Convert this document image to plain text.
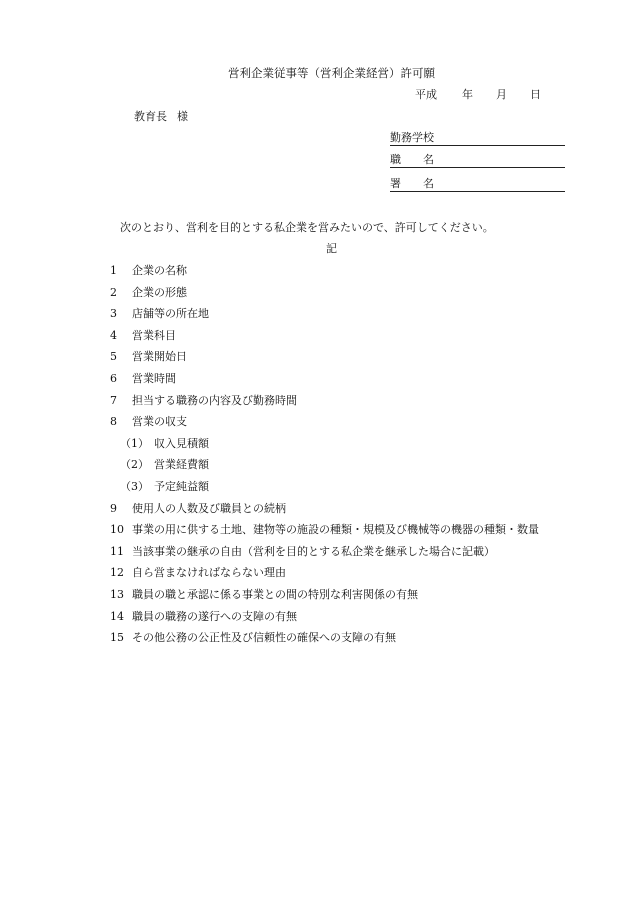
営利企業従事等（営利企業経営）許可願
平成 年 月 日
教育長 様
勤務学校
職名
署名
次のとおり、営利を目的とする私企業を営みたいので、許可してください。
記
1 企業の名称
2 企業の形態
3 店舗等の所在地
4 営業科目
5 営業開始日
6 営業時間
7 担当する職務の内容及び勤務時間
8 営業の収支
（1） 収入見積額
（2） 営業経費額
（3） 予定純益額
9 使用人の人数及び職員との続柄
10 事業の用に供する土地、建物等の施設の種類・規模及び機械等の機器の種類・数量
11 当該事業の継承の自由（営利を目的とする私企業を継承した場合に記載）
12 自ら営まなければならない理由
13 職員の職と承認に係る事業との間の特別な利害関係の有無
14 職員の職務の遂行への支障の有無
15 その他公務の公正性及び信頼性の確保への支障の有無
